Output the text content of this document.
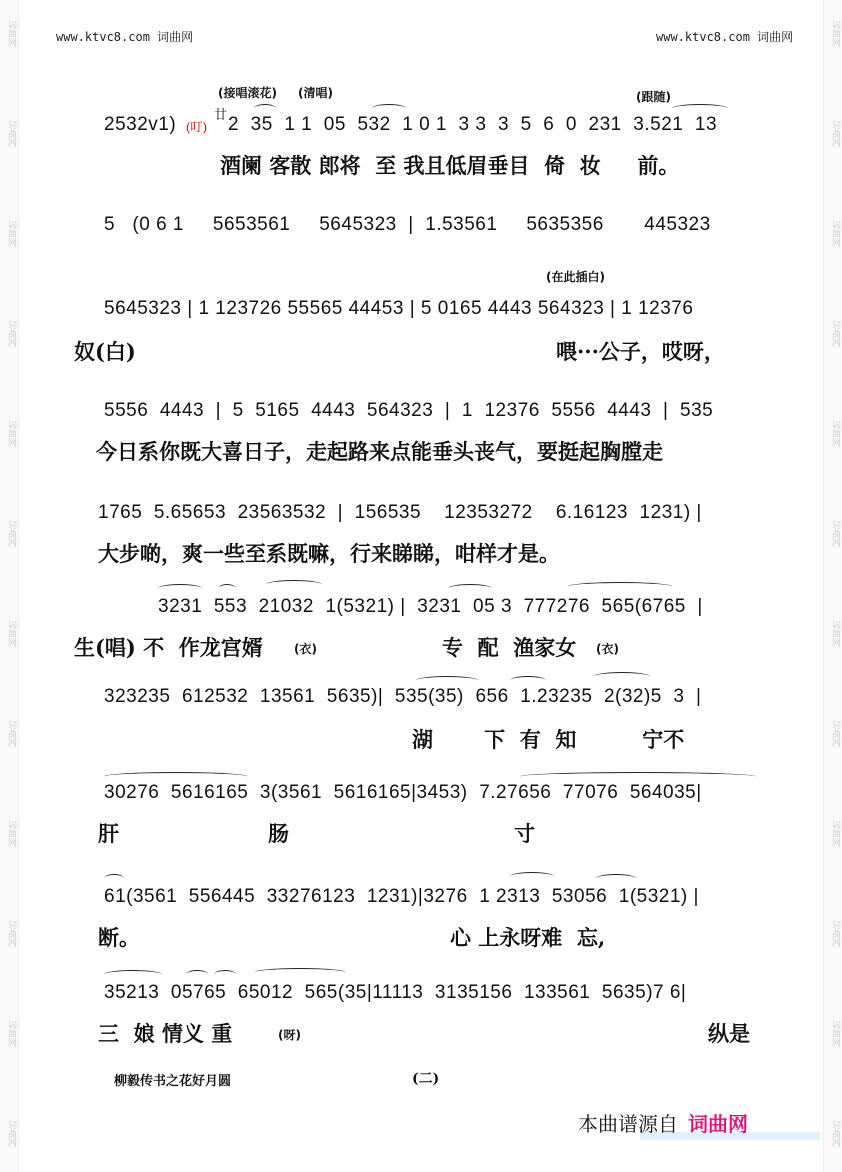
词曲网
词曲网
词曲网
词曲网
词曲网
词曲网
词曲网
词曲网
词曲网
词曲网
词曲网
词曲网
词曲网
词曲网
词曲网
词曲网
词曲网
词曲网
词曲网
词曲网
词曲网
词曲网
词曲网
词曲网
www.ktvc8.com 词曲网	www.ktvc8.com 词曲网
(接唱滚花) (清唱)	(跟随)
2532v1) (叮)
廿 2  35  1 1  05  532  1 0 1  3 3  3  5  6  0  231  3.521  13
酒阑 客散 郎将  至 我且低眉垂目  倚  妆     前。
5   (0 6 1     5653561     5645323  |  1.53561     5635356       445323
(在此插白)
5645323 | 1 123726 55565 44453 | 5 0165 4443 564323 | 1 12376
奴(白)	喂···公子，哎呀，
5556  4443  |  5  5165  4443  564323  |  1  12376  5556  4443  |  535
今日系你既大喜日子，走起路来点能垂头丧气，要挺起胸膛走
1765  5.65653  23563532  |  156535    12353272    6.16123  1231) |
大步啲，爽一些至系既嘛，行来睇睇，咁样才是。
3231  553  21032  1(5321) |  3231  05 3  777276  565(6765  |
生(唱) 不  作龙宫婿	(衣)	专  配  渔家女 (衣)
323235  612532  13561  5635)|  535(35)  656  1.23235  2(32)5  3  |
湖       下  有  知         宁不
30276  5616165  3(3561  5616165|3453)  7.27656  77076  564035|
肝	肠	寸
61(3561  556445  33276123  1231)|3276  1 2313  53056  1(5321) |
断。	心 上永呀难  忘,
35213  05765  65012  565(35|11113  3135156  133561  5635)7 6|
三  娘 情义 重	(呀)	纵是
柳毅传书之花好月圆	(二)
本曲谱源自 词曲网
